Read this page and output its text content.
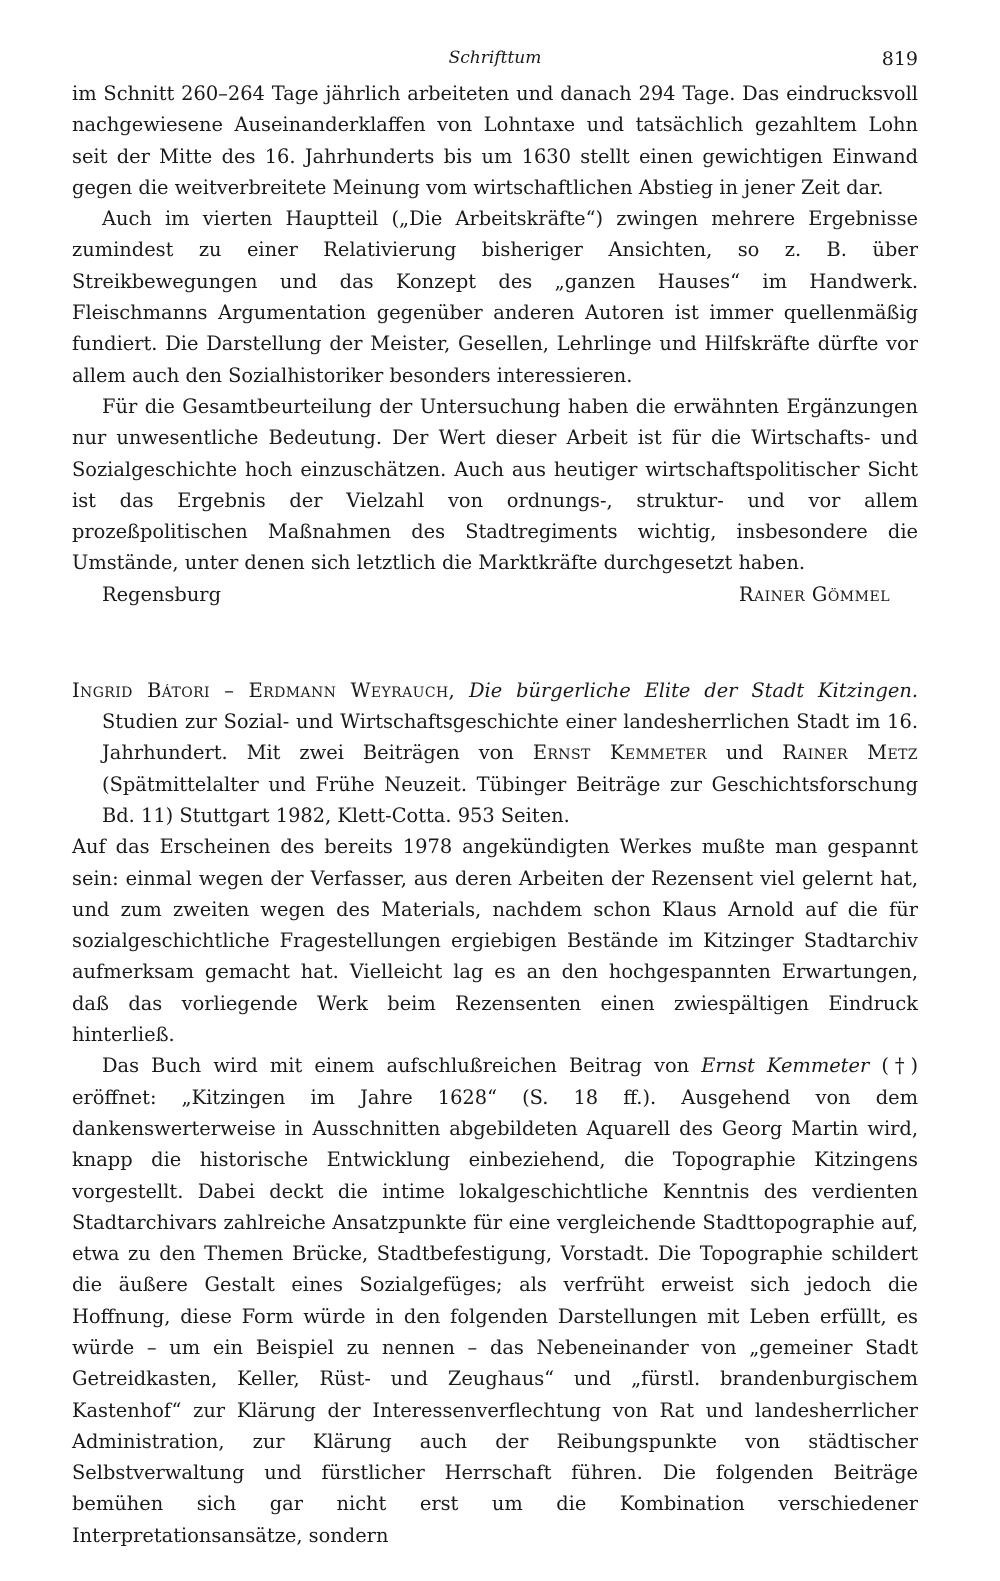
Schrifttum	819

im Schnitt 260–264 Tage jährlich arbeiteten und danach 294 Tage. Das eindrucksvoll nachgewiesene Auseinanderklaffen von Lohntaxe und tatsächlich gezahltem Lohn seit der Mitte des 16. Jahrhunderts bis um 1630 stellt einen gewichtigen Einwand gegen die weitverbreitete Meinung vom wirtschaftlichen Abstieg in jener Zeit dar.

Auch im vierten Hauptteil („Die Arbeitskräfte“) zwingen mehrere Ergebnisse zumindest zu einer Relativierung bisheriger Ansichten, so z. B. über Streikbewegungen und das Konzept des „ganzen Hauses“ im Handwerk. Fleischmanns Argumentation gegenüber anderen Autoren ist immer quellenmäßig fundiert. Die Darstellung der Meister, Gesellen, Lehrlinge und Hilfskräfte dürfte vor allem auch den Sozialhistoriker besonders interessieren.

Für die Gesamtbeurteilung der Untersuchung haben die erwähnten Ergänzungen nur unwesentliche Bedeutung. Der Wert dieser Arbeit ist für die Wirtschafts- und Sozialgeschichte hoch einzuschätzen. Auch aus heutiger wirtschaftspolitischer Sicht ist das Ergebnis der Vielzahl von ordnungs-, struktur- und vor allem prozeßpolitischen Maßnahmen des Stadtregiments wichtig, insbesondere die Umstände, unter denen sich letztlich die Marktkräfte durchgesetzt haben.

Regensburg	Rainer Gömmel

Ingrid Bátori – Erdmann Weyrauch, Die bürgerliche Elite der Stadt Kitzingen. Studien zur Sozial- und Wirtschaftsgeschichte einer landesherrlichen Stadt im 16. Jahrhundert. Mit zwei Beiträgen von Ernst Kemmeter und Rainer Metz (Spätmittelalter und Frühe Neuzeit. Tübinger Beiträge zur Geschichtsforschung Bd. 11) Stuttgart 1982, Klett-Cotta. 953 Seiten.

Auf das Erscheinen des bereits 1978 angekündigten Werkes mußte man gespannt sein: einmal wegen der Verfasser, aus deren Arbeiten der Rezensent viel gelernt hat, und zum zweiten wegen des Materials, nachdem schon Klaus Arnold auf die für sozialgeschichtliche Fragestellungen ergiebigen Bestände im Kitzinger Stadtarchiv aufmerksam gemacht hat. Vielleicht lag es an den hochgespannten Erwartungen, daß das vorliegende Werk beim Rezensenten einen zwiespältigen Eindruck hinterließ.

Das Buch wird mit einem aufschlußreichen Beitrag von Ernst Kemmeter (†) eröffnet: „Kitzingen im Jahre 1628“ (S. 18 ff.). Ausgehend von dem dankenswerterweise in Ausschnitten abgebildeten Aquarell des Georg Martin wird, knapp die historische Entwicklung einbeziehend, die Topographie Kitzingens vorgestellt. Dabei deckt die intime lokalgeschichtliche Kenntnis des verdienten Stadtarchivars zahlreiche Ansatzpunkte für eine vergleichende Stadttopographie auf, etwa zu den Themen Brücke, Stadtbefestigung, Vorstadt. Die Topographie schildert die äußere Gestalt eines Sozialgefüges; als verfrüht erweist sich jedoch die Hoffnung, diese Form würde in den folgenden Darstellungen mit Leben erfüllt, es würde – um ein Beispiel zu nennen – das Nebeneinander von „gemeiner Stadt Getreidkasten, Keller, Rüst- und Zeughaus“ und „fürstl. brandenburgischem Kastenhof“ zur Klärung der Interessenverflechtung von Rat und landesherrlicher Administration, zur Klärung auch der Reibungspunkte von städtischer Selbstverwaltung und fürstlicher Herrschaft führen. Die folgenden Beiträge bemühen sich gar nicht erst um die Kombination verschiedener Interpretationsansätze, sondern
